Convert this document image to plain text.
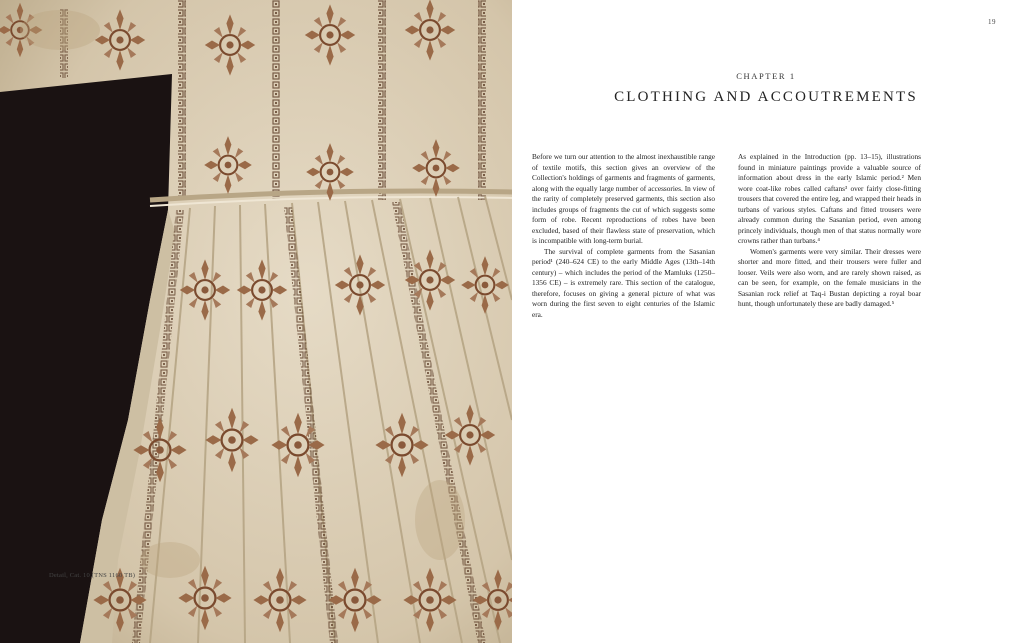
19
CHAPTER 1
CLOTHING AND ACCOUTREMENTS

Before we turn our attention to the almost inexhaustible range of textile motifs, this section gives an overview of the Collection's holdings of garments and fragments of garments, along with the equally large number of accessories. In view of the rarity of completely preserved garments, this section also includes groups of fragments the cut of which suggests some form of robe. Recent reproductions of robes have been excluded, based of their flawless state of preservation, which is incompatible with long-term burial.

The survival of complete garments from the Sasanian period¹ (240–624 CE) to the early Middle Ages (13th–14th century) – which includes the period of the Mamluks (1250–1356 CE) – is extremely rare. This section of the catalogue, therefore, focuses on giving a general picture of what was worn during the first seven to eight centuries of the Islamic era.

As explained in the Introduction (pp. 13–15), illustrations found in miniature paintings provide a valuable source of information about dress in the early Islamic period.² Men wore coat-like robes called caftans³ over fairly close-fitting trousers that covered the entire leg, and wrapped their heads in turbans of various styles. Caftans and fitted trousers were already common during the Sasanian period, even among princely individuals, though men of that status normally wore crowns rather than turbans.⁴

Women's garments were very similar. Their dresses were shorter and more fitted, and their trousers were fuller and looser. Veils were also worn, and are rarely shown raised, as can be seen, for example, on the female musicians in the Sasanian rock relief at Taq-i Bustan depicting a royal boar hunt, though unfortunately these are badly damaged.⁵

Detail, Cat. 10 (TNS 1160 TB)
